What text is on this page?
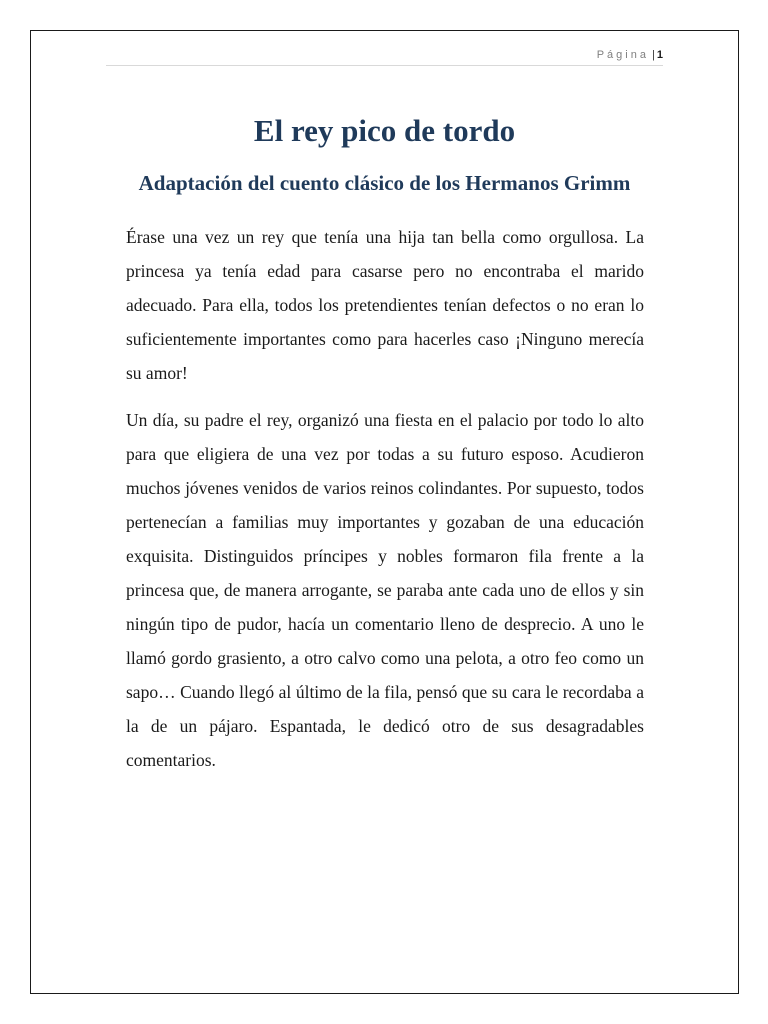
Página | 1
El rey pico de tordo
Adaptación del cuento clásico de los Hermanos Grimm

Érase una vez un rey que tenía una hija tan bella como orgullosa. La princesa ya tenía edad para casarse pero no encontraba el marido adecuado. Para ella, todos los pretendientes tenían defectos o no eran lo suficientemente importantes como para hacerles caso ¡Ninguno merecía su amor!

Un día, su padre el rey, organizó una fiesta en el palacio por todo lo alto para que eligiera de una vez por todas a su futuro esposo. Acudieron muchos jóvenes venidos de varios reinos colindantes. Por supuesto, todos pertenecían a familias muy importantes y gozaban de una educación exquisita. Distinguidos príncipes y nobles formaron fila frente a la princesa que, de manera arrogante, se paraba ante cada uno de ellos y sin ningún tipo de pudor, hacía un comentario lleno de desprecio. A uno le llamó gordo grasiento, a otro calvo como una pelota, a otro feo como un sapo… Cuando llegó al último de la fila, pensó que su cara le recordaba a la de un pájaro. Espantada, le dedicó otro de sus desagradables comentarios.
